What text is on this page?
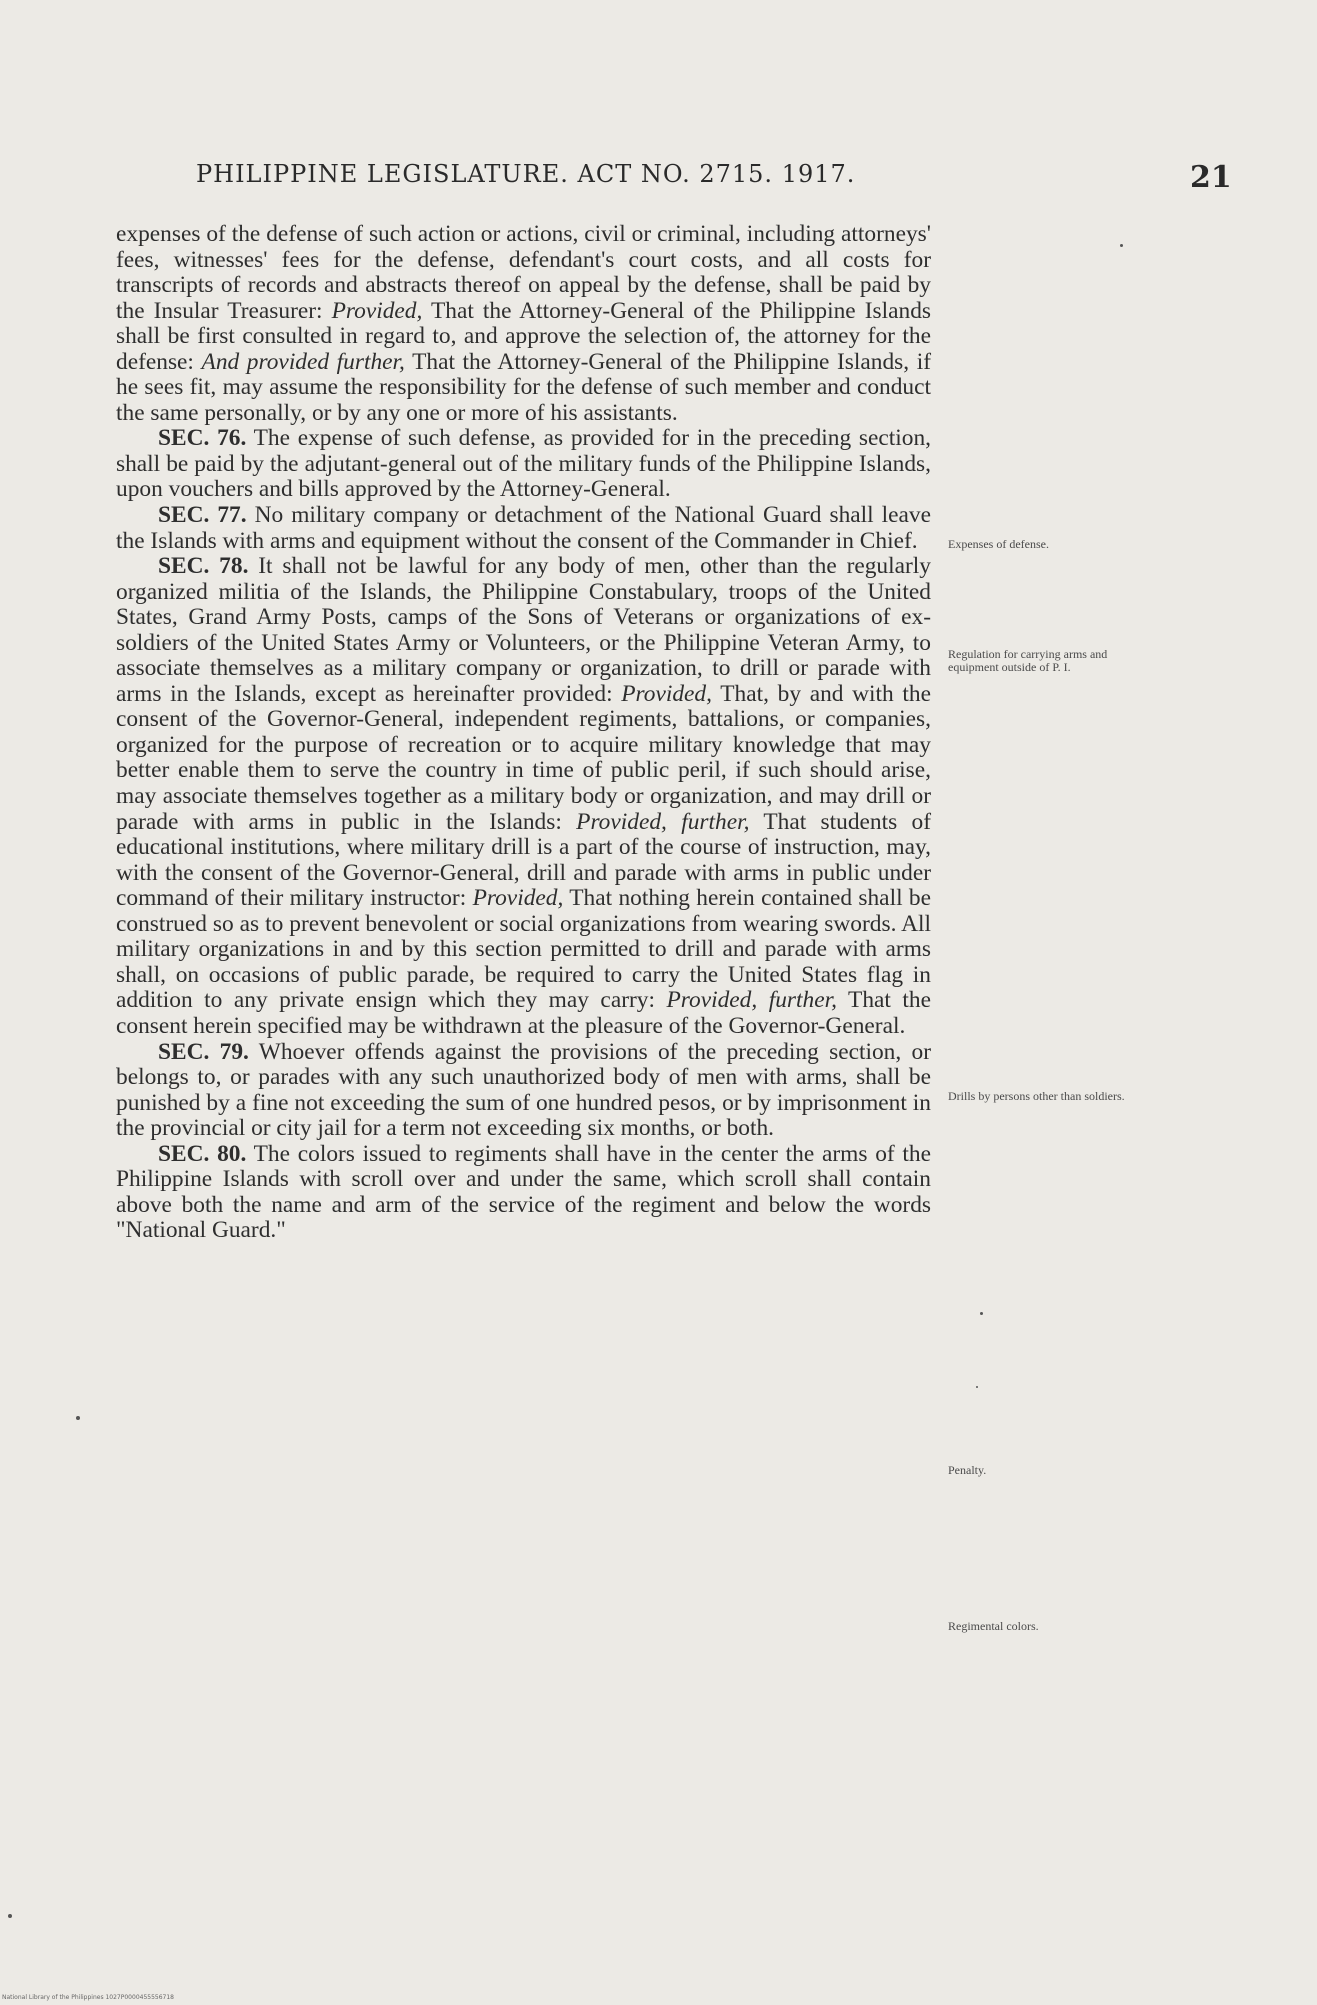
PHILIPPINE LEGISLATURE. ACT NO. 2715. 1917.	21

expenses of the defense of such action or actions, civil or criminal, including attorneys' fees, witnesses' fees for the defense, defendant's court costs, and all costs for transcripts of records and abstracts thereof on appeal by the defense, shall be paid by the Insular Treasurer: Provided, That the Attorney-General of the Philippine Islands shall be first consulted in regard to, and approve the selection of, the attorney for the defense: And provided further, That the Attorney-General of the Philippine Islands, if he sees fit, may assume the responsibility for the defense of such member and conduct the same personally, or by any one or more of his assistants.

SEC. 76. The expense of such defense, as provided for in the preceding section, shall be paid by the adjutant-general out of the military funds of the Philippine Islands, upon vouchers and bills approved by the Attorney-General.

SEC. 77. No military company or detachment of the National Guard shall leave the Islands with arms and equipment without the consent of the Commander in Chief.

SEC. 78. It shall not be lawful for any body of men, other than the regularly organized militia of the Islands, the Philippine Constabulary, troops of the United States, Grand Army Posts, camps of the Sons of Veterans or organizations of ex-soldiers of the United States Army or Volunteers, or the Philippine Veteran Army, to associate themselves as a military company or organization, to drill or parade with arms in the Islands, except as hereinafter provided: Provided, That, by and with the consent of the Governor-General, independent regiments, battalions, or companies, organized for the purpose of recreation or to acquire military knowledge that may better enable them to serve the country in time of public peril, if such should arise, may associate themselves together as a military body or organization, and may drill or parade with arms in public in the Islands: Provided, further, That students of educational institutions, where military drill is a part of the course of instruction, may, with the consent of the Governor-General, drill and parade with arms in public under command of their military instructor: Provided, That nothing herein contained shall be construed so as to prevent benevolent or social organizations from wearing swords. All military organizations in and by this section permitted to drill and parade with arms shall, on occasions of public parade, be required to carry the United States flag in addition to any private ensign which they may carry: Provided, further, That the consent herein specified may be withdrawn at the pleasure of the Governor-General.

SEC. 79. Whoever offends against the provisions of the preceding section, or belongs to, or parades with any such unauthorized body of men with arms, shall be punished by a fine not exceeding the sum of one hundred pesos, or by imprisonment in the provincial or city jail for a term not exceeding six months, or both.

SEC. 80. The colors issued to regiments shall have in the center the arms of the Philippine Islands with scroll over and under the same, which scroll shall contain above both the name and arm of the service of the regiment and below the words "National Guard."

Expenses of defense.
Regulation for carrying arms and equipment outside of P. I.
Drills by persons other than soldiers.
Penalty.
Regimental colors.
National Library of the Philippines 1027P0000455556718
